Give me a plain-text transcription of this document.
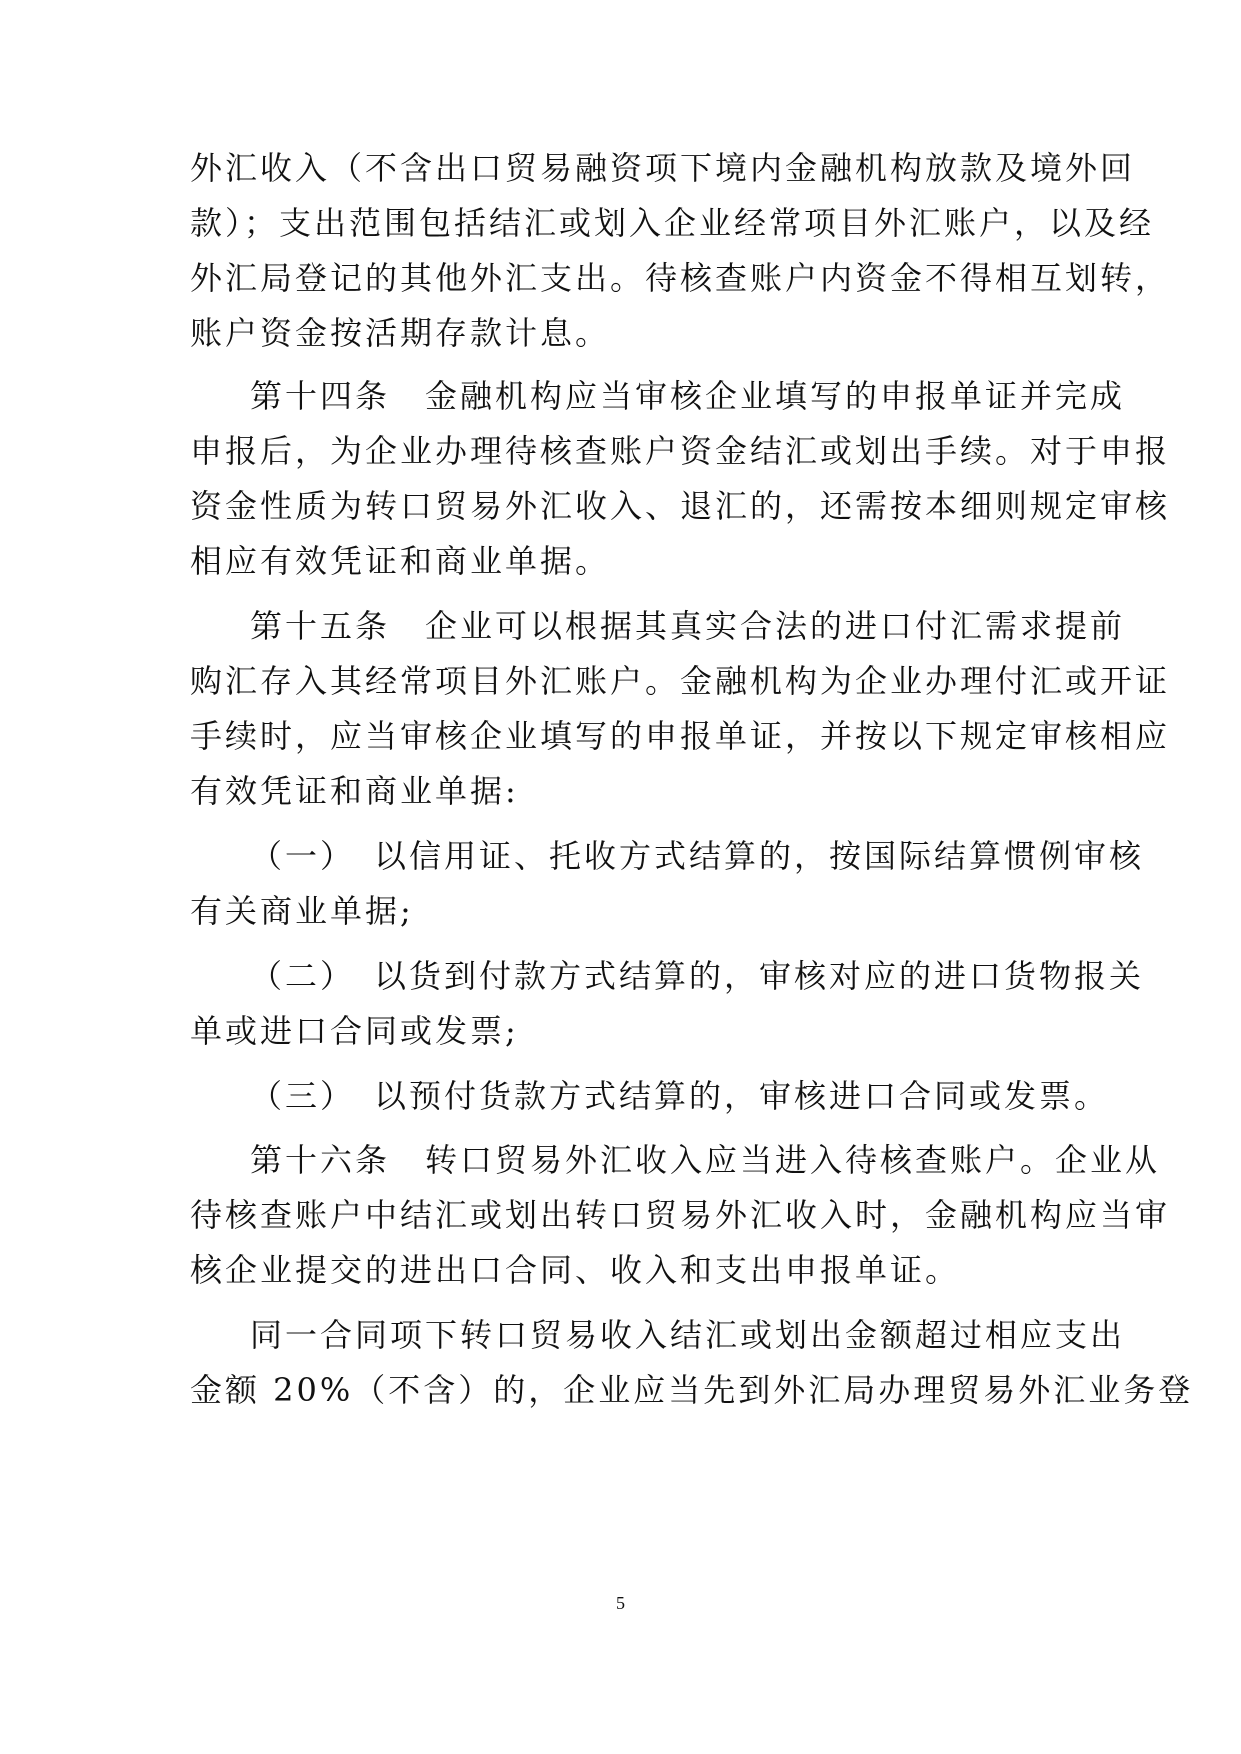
外汇收入（不含出口贸易融资项下境内金融机构放款及境外回
款）；支出范围包括结汇或划入企业经常项目外汇账户，以及经
外汇局登记的其他外汇支出。待核查账户内资金不得相互划转，
账户资金按活期存款计息。
第十四条　金融机构应当审核企业填写的申报单证并完成
申报后，为企业办理待核查账户资金结汇或划出手续。对于申报
资金性质为转口贸易外汇收入、退汇的，还需按本细则规定审核
相应有效凭证和商业单据。
第十五条　企业可以根据其真实合法的进口付汇需求提前
购汇存入其经常项目外汇账户。金融机构为企业办理付汇或开证
手续时，应当审核企业填写的申报单证，并按以下规定审核相应
有效凭证和商业单据:
（一）　以信用证、托收方式结算的，按国际结算惯例审核
有关商业单据;
（二）　以货到付款方式结算的，审核对应的进口货物报关
单或进口合同或发票;
（三）　以预付货款方式结算的，审核进口合同或发票。
第十六条　转口贸易外汇收入应当进入待核查账户。企业从
待核查账户中结汇或划出转口贸易外汇收入时，金融机构应当审
核企业提交的进出口合同、收入和支出申报单证。
同一合同项下转口贸易收入结汇或划出金额超过相应支出
金额 20%（不含）的，企业应当先到外汇局办理贸易外汇业务登
5
